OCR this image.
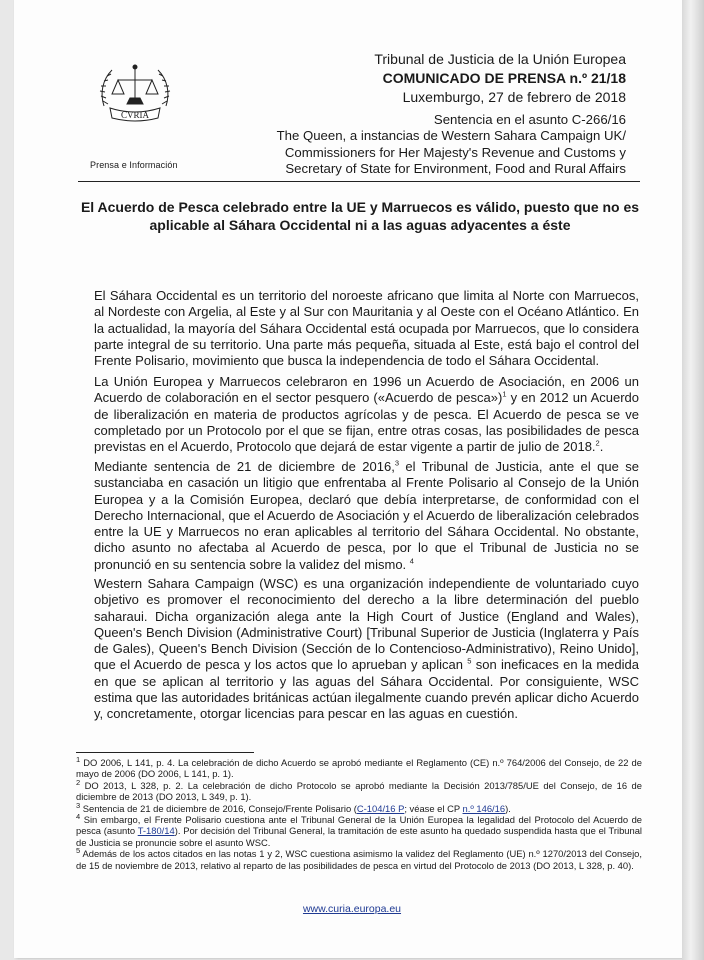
CVRIA
Prensa e Información
Tribunal de Justicia de la Unión Europea
COMUNICADO DE PRENSA n.º 21/18
Luxemburgo, 27 de febrero de 2018
Sentencia en el asunto C-266/16
The Queen, a instancias de Western Sahara Campaign UK/
Commissioners for Her Majesty's Revenue and Customs y
Secretary of State for Environment, Food and Rural Affairs
El Acuerdo de Pesca celebrado entre la UE y Marruecos es válido, puesto que no es
aplicable al Sáhara Occidental ni a las aguas adyacentes a éste
El Sáhara Occidental es un territorio del noroeste africano que limita al Norte con Marruecos, al Nordeste con Argelia, al Este y al Sur con Mauritania y al Oeste con el Océano Atlántico. En la actualidad, la mayoría del Sáhara Occidental está ocupada por Marruecos, que lo considera parte integral de su territorio. Una parte más pequeña, situada al Este, está bajo el control del Frente Polisario, movimiento que busca la independencia de todo el Sáhara Occidental.
La Unión Europea y Marruecos celebraron en 1996 un Acuerdo de Asociación, en 2006 un Acuerdo de colaboración en el sector pesquero («Acuerdo de pesca»)$^1$ y en 2012 un Acuerdo de liberalización en materia de productos agrícolas y de pesca. El Acuerdo de pesca se ve completado por un Protocolo por el que se fijan, entre otras cosas, las posibilidades de pesca previstas en el Acuerdo, Protocolo que dejará de estar vigente a partir de julio de 2018.$^2$.
Mediante sentencia de 21 de diciembre de 2016,$^3$ el Tribunal de Justicia, ante el que se sustanciaba en casación un litigio que enfrentaba al Frente Polisario al Consejo de la Unión Europea y a la Comisión Europea, declaró que debía interpretarse, de conformidad con el Derecho Internacional, que el Acuerdo de Asociación y el Acuerdo de liberalización celebrados entre la UE y Marruecos no eran aplicables al territorio del Sáhara Occidental. No obstante, dicho asunto no afectaba al Acuerdo de pesca, por lo que el Tribunal de Justicia no se pronunció en su sentencia sobre la validez del mismo. $^4$
Western Sahara Campaign (WSC) es una organización independiente de voluntariado cuyo objetivo es promover el reconocimiento del derecho a la libre determinación del pueblo saharaui. Dicha organización alega ante la High Court of Justice (England and Wales), Queen's Bench Division (Administrative Court) [Tribunal Superior de Justicia (Inglaterra y País de Gales), Queen's Bench Division (Sección de lo Contencioso-Administrativo), Reino Unido], que el Acuerdo de pesca y los actos que lo aprueban y aplican $^5$ son ineficaces en la medida en que se aplican al territorio y las aguas del Sáhara Occidental. Por consiguiente, WSC estima que las autoridades británicas actúan ilegalmente cuando prevén aplicar dicho Acuerdo y, concretamente, otorgar licencias para pescar en las aguas en cuestión.

$^1$ DO 2006, L 141, p. 4. La celebración de dicho Acuerdo se aprobó mediante el Reglamento (CE) n.º 764/2006 del Consejo, de 22 de mayo de 2006 (DO 2006, L 141, p. 1).

$^2$ DO 2013, L 328, p. 2. La celebración de dicho Protocolo se aprobó mediante la Decisión 2013/785/UE del Consejo, de 16 de diciembre de 2013 (DO 2013, L 349, p. 1).

$^3$ Sentencia de 21 de diciembre de 2016, Consejo/Frente Polisario (C-104/16 P; véase el CP n.º 146/16).

$^4$ Sin embargo, el Frente Polisario cuestiona ante el Tribunal General de la Unión Europea la legalidad del Protocolo del Acuerdo de pesca (asunto T-180/14). Por decisión del Tribunal General, la tramitación de este asunto ha quedado suspendida hasta que el Tribunal de Justicia se pronuncie sobre el asunto WSC.

$^5$ Además de los actos citados en las notas 1 y 2, WSC cuestiona asimismo la validez del Reglamento (UE) n.º 1270/2013 del Consejo, de 15 de noviembre de 2013, relativo al reparto de las posibilidades de pesca en virtud del Protocolo de 2013 (DO 2013, L 328, p. 40).

www.curia.europa.eu
